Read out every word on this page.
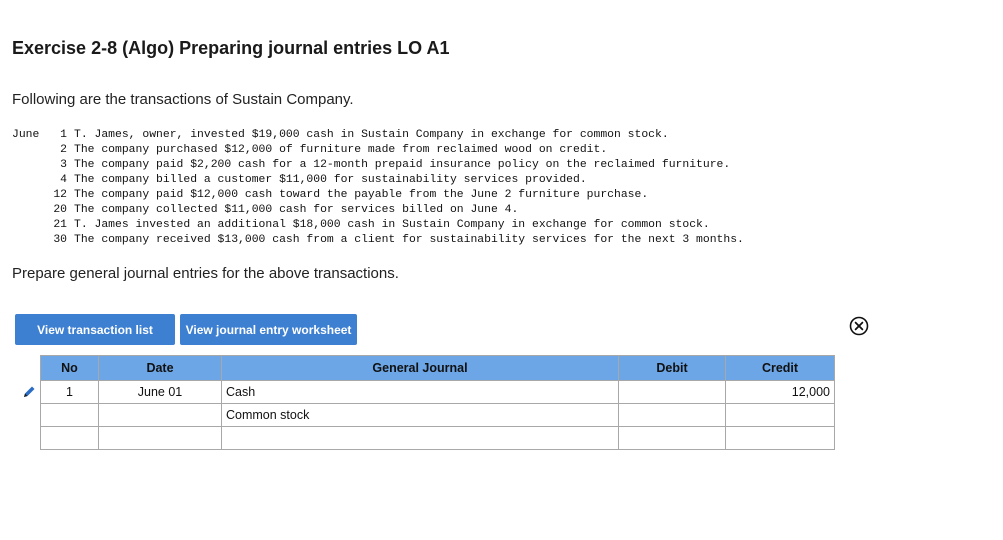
Exercise 2-8 (Algo) Preparing journal entries LO A1
Following are the transactions of Sustain Company.
June	1 T. James, owner, invested $19,000 cash in Sustain Company in exchange for common stock.
2 The company purchased $12,000 of furniture made from reclaimed wood on credit.
3 The company paid $2,200 cash for a 12-month prepaid insurance policy on the reclaimed furniture.
4 The company billed a customer $11,000 for sustainability services provided.
12 The company paid $12,000 cash toward the payable from the June 2 furniture purchase.
20 The company collected $11,000 cash for services billed on June 4.
21 T. James invested an additional $18,000 cash in Sustain Company in exchange for common stock.
30 The company received $13,000 cash from a client for sustainability services for the next 3 months.
Prepare general journal entries for the above transactions.
View transaction list	View journal entry worksheet
No	Date	General Journal	Debit	Credit
1	June 01	Cash		12,000
		Common stock		
